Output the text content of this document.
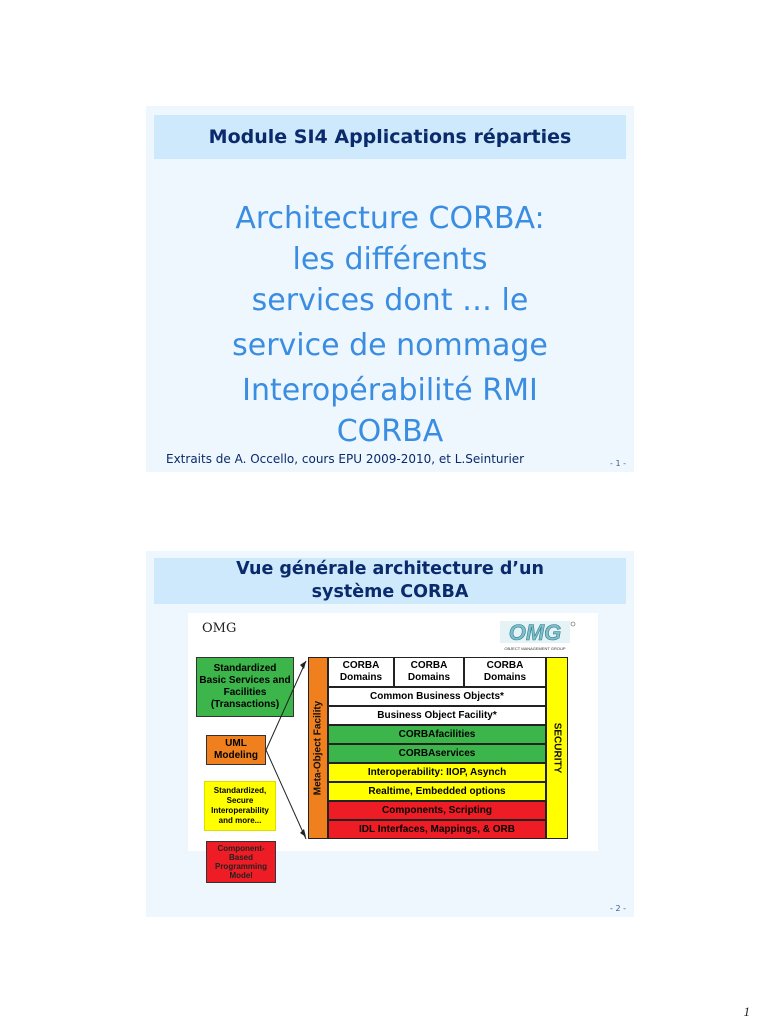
Module SI4 Applications réparties
Architecture CORBA:
les différents
services dont … le
service de nommage
Interopérabilité RMI
CORBA
Extraits de A. Occello, cours EPU 2009-2010, et L.Seinturier	- 1 -
Vue générale architecture d’un
système CORBA
OMG	OMG
OBJECT MANAGEMENT GROUP
Standardized Basic Services and Facilities (Transactions)
UML Modeling
Standardized, Secure Interoperability and more...
Component-Based Programming Model
Meta-Object Facility
CORBA Domains
CORBA Domains
CORBA Domains
Common Business Objects*
Business Object Facility*
CORBAfacilities
CORBAservices
Interoperability: IIOP, Asynch
Realtime, Embedded options
Components, Scripting
IDL Interfaces, Mappings, & ORB
SECURITY
- 2 -
1
